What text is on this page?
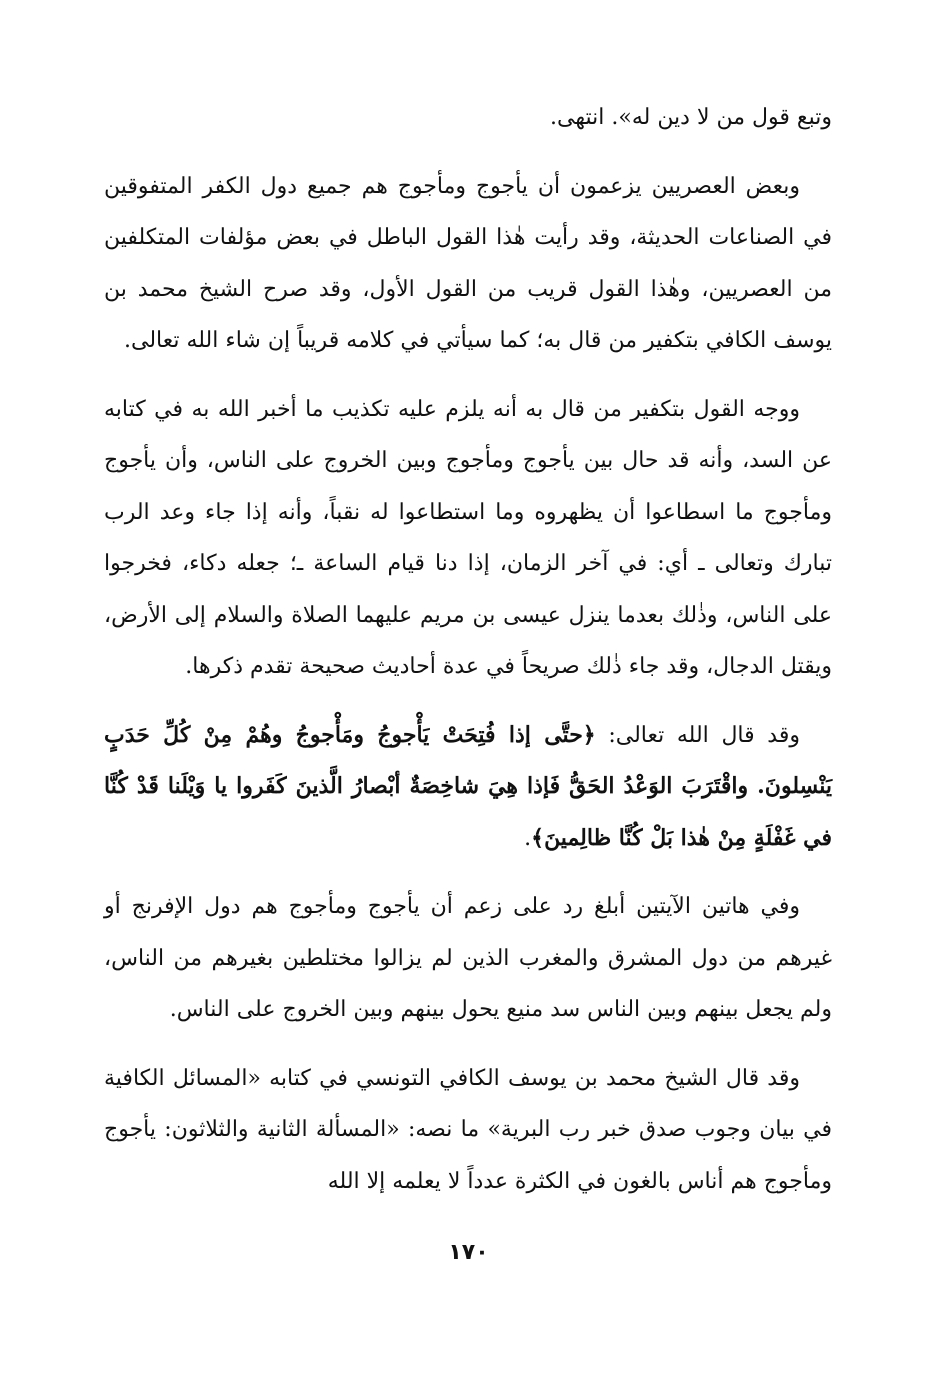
وتبع قول من لا دين له». انتهى.

وبعض العصريين يزعمون أن يأجوج ومأجوج هم جميع دول الكفر المتفوقين في الصناعات الحديثة، وقد رأيت هٰذا القول الباطل في بعض مؤلفات المتكلفين من العصريين، وهٰذا القول قريب من القول الأول، وقد صرح الشيخ محمد بن يوسف الكافي بتكفير من قال به؛ كما سيأتي في كلامه قريباً إن شاء الله تعالى.

ووجه القول بتكفير من قال به أنه يلزم عليه تكذيب ما أخبر الله به في كتابه عن السد، وأنه قد حال بين يأجوج ومأجوج وبين الخروج على الناس، وأن يأجوج ومأجوج ما اسطاعوا أن يظهروه وما استطاعوا له نقباً، وأنه إذا جاء وعد الرب تبارك وتعالى ـ أي: في آخر الزمان، إذا دنا قيام الساعة ـ؛ جعله دكاء، فخرجوا على الناس، وذٰلك بعدما ينزل عيسى بن مريم عليهما الصلاة والسلام إلى الأرض، ويقتل الدجال، وقد جاء ذٰلك صريحاً في عدة أحاديث صحيحة تقدم ذكرها.

وقد قال الله تعالى: ﴿حتَّى إذا فُتِحَتْ يَأْجوجُ ومَأْجوجُ وهُمْ مِنْ كُلِّ حَدَبٍ يَنْسِلونَ. واقْتَرَبَ الوَعْدُ الحَقُّ فَإذا هِيَ شاخِصَةٌ أبْصارُ الَّذينَ كَفَروا يا وَيْلَنا قَدْ كُنَّا في غَفْلَةٍ مِنْ هٰذا بَلْ كُنَّا ظالِمينَ﴾.

وفي هاتين الآيتين أبلغ رد على زعم أن يأجوج ومأجوج هم دول الإفرنج أو غيرهم من دول المشرق والمغرب الذين لم يزالوا مختلطين بغيرهم من الناس، ولم يجعل بينهم وبين الناس سد منيع يحول بينهم وبين الخروج على الناس.

وقد قال الشيخ محمد بن يوسف الكافي التونسي في كتابه «المسائل الكافية في بيان وجوب صدق خبر رب البرية» ما نصه: «المسألة الثانية والثلاثون: يأجوج ومأجوج هم أناس بالغون في الكثرة عدداً لا يعلمه إلا الله

١٧٠
